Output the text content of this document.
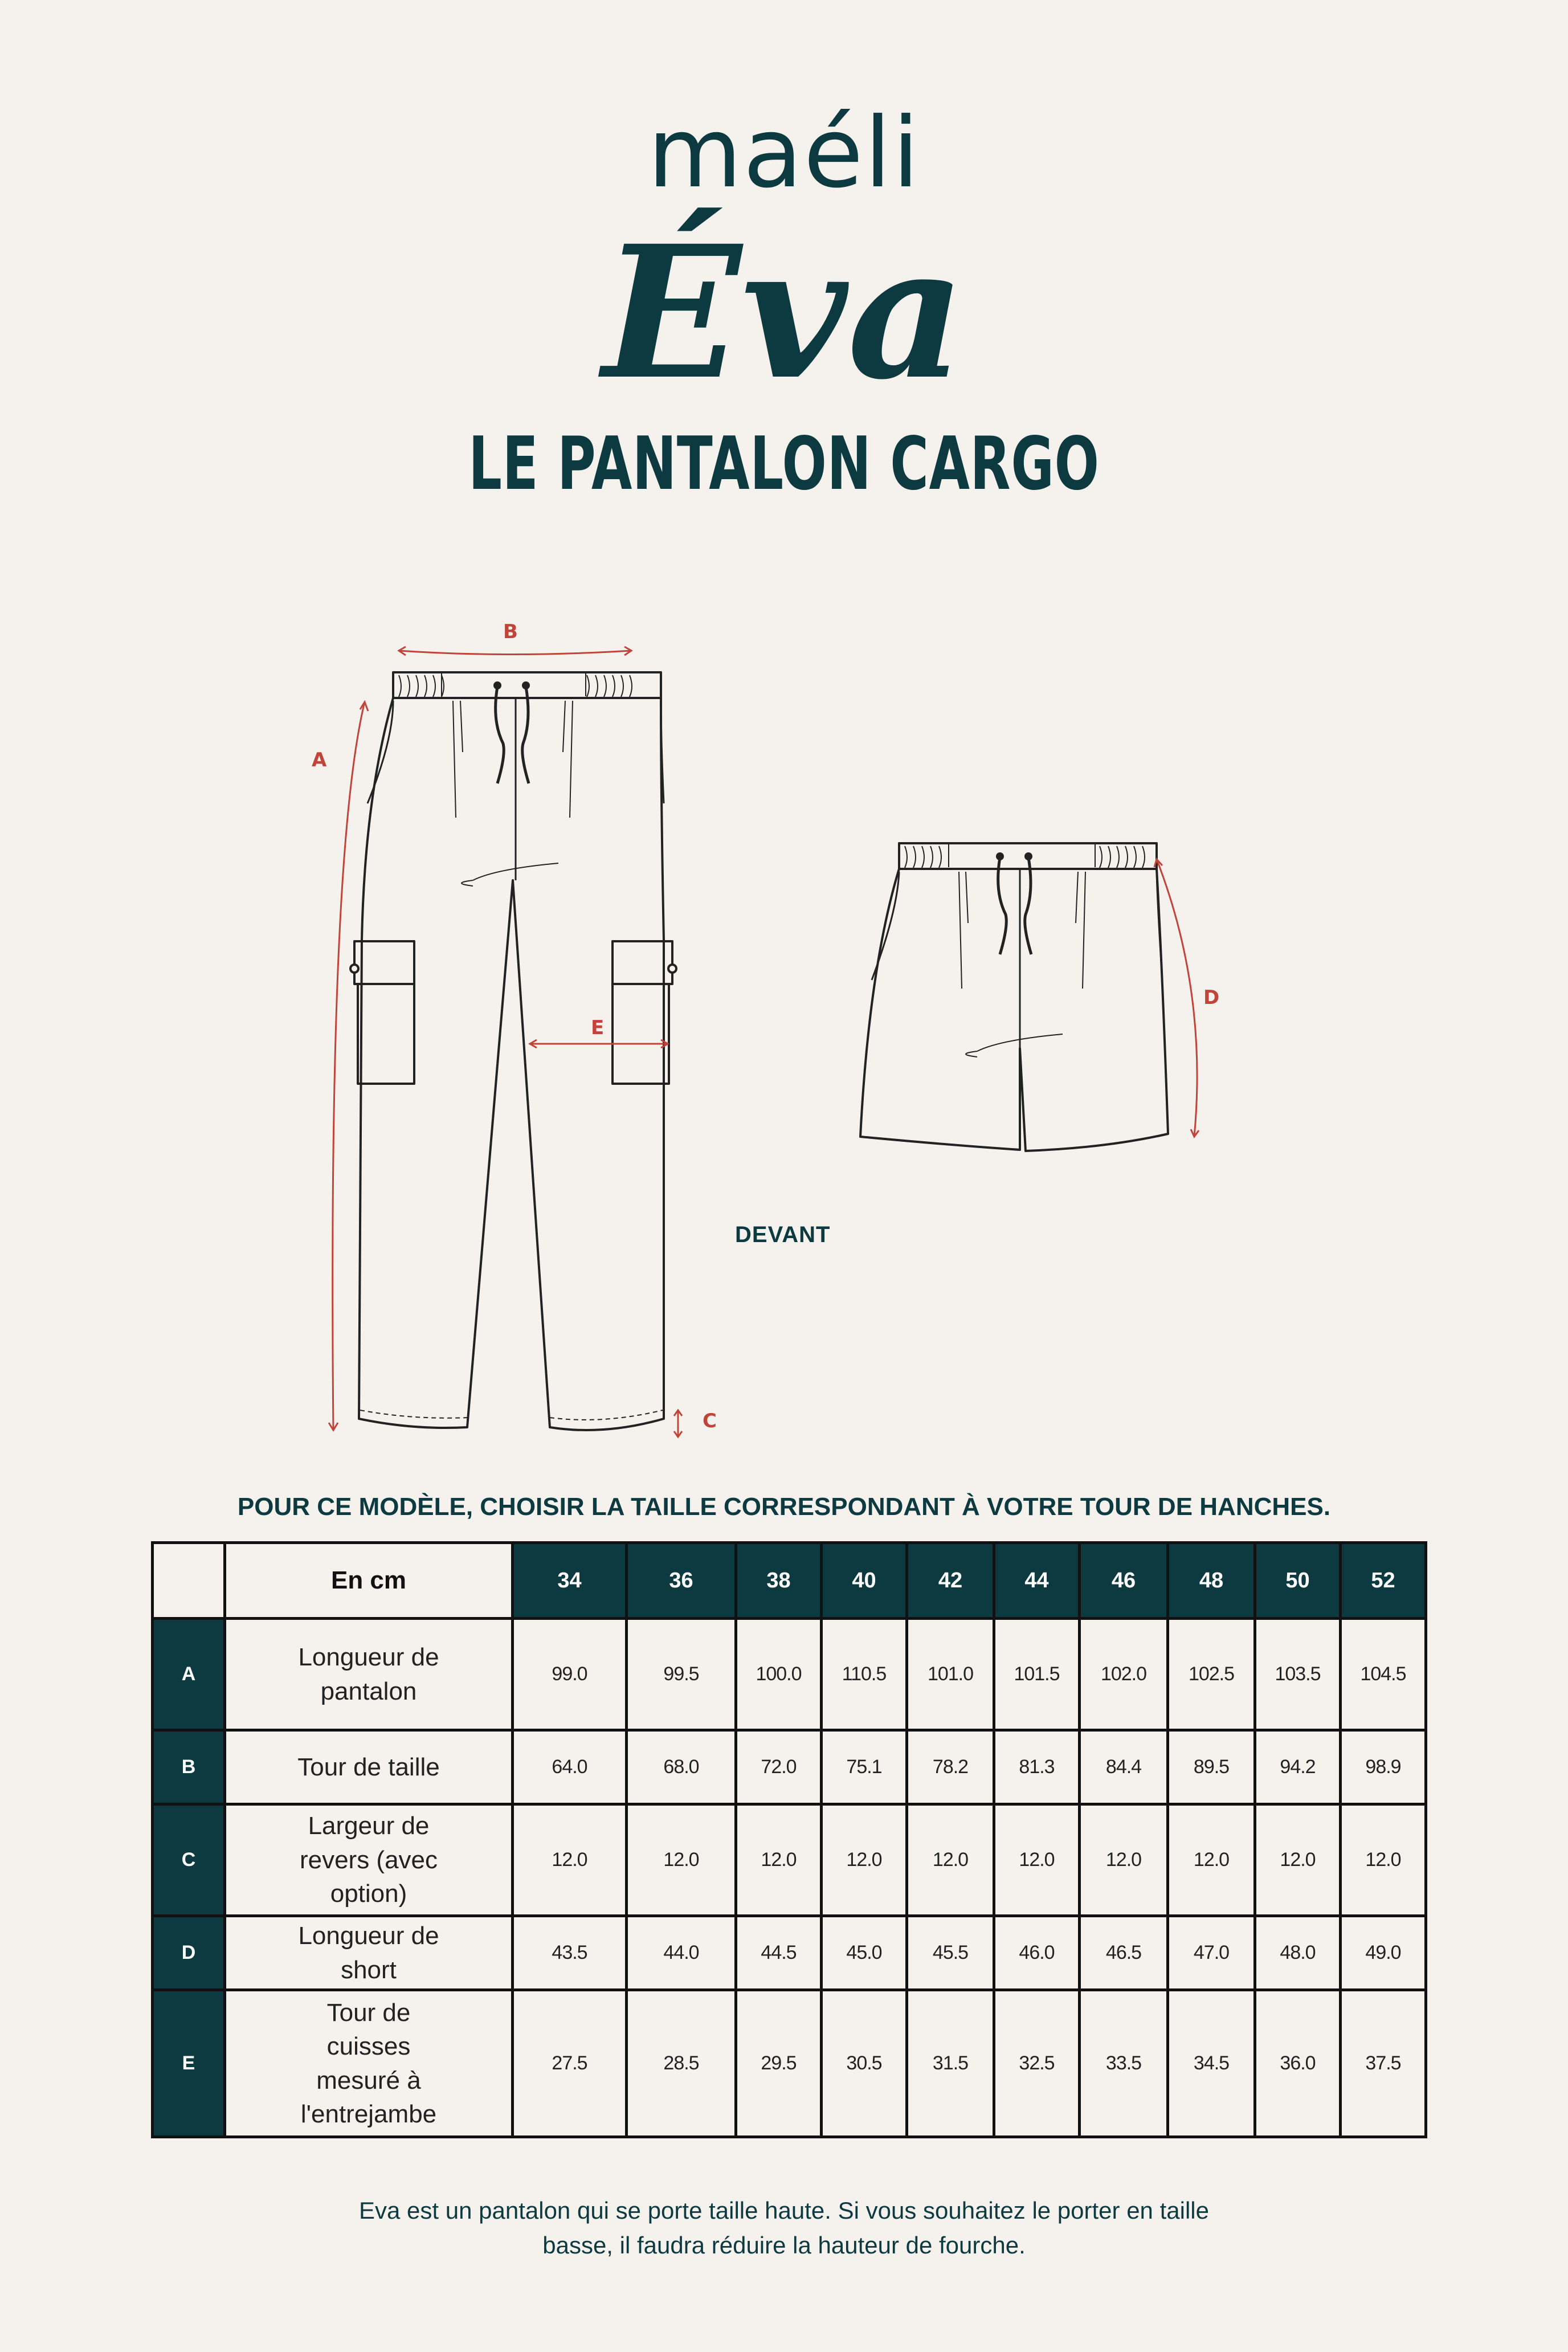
maéli
Éva
LE PANTALON CARGO
B
A
C
E
D
DEVANT
POUR CE MODÈLE, CHOISIR LA TAILLE CORRESPONDANT À VOTRE TOUR DE HANCHES.
	En cm	34	36	38	40	42	44	46	48	50	52
A	Longueur de pantalon	99.0	99.5	100.0	110.5	101.0	101.5	102.0	102.5	103.5	104.5
B	Tour de taille	64.0	68.0	72.0	75.1	78.2	81.3	84.4	89.5	94.2	98.9
C	Largeur de revers (avec option)	12.0	12.0	12.0	12.0	12.0	12.0	12.0	12.0	12.0	12.0
D	Longueur de short	43.5	44.0	44.5	45.0	45.5	46.0	46.5	47.0	48.0	49.0
E	Tour de cuisses mesuré à l'entrejambe	27.5	28.5	29.5	30.5	31.5	32.5	33.5	34.5	36.0	37.5
Eva est un pantalon qui se porte taille haute. Si vous souhaitez le porter en taille basse, il faudra réduire la hauteur de fourche.
